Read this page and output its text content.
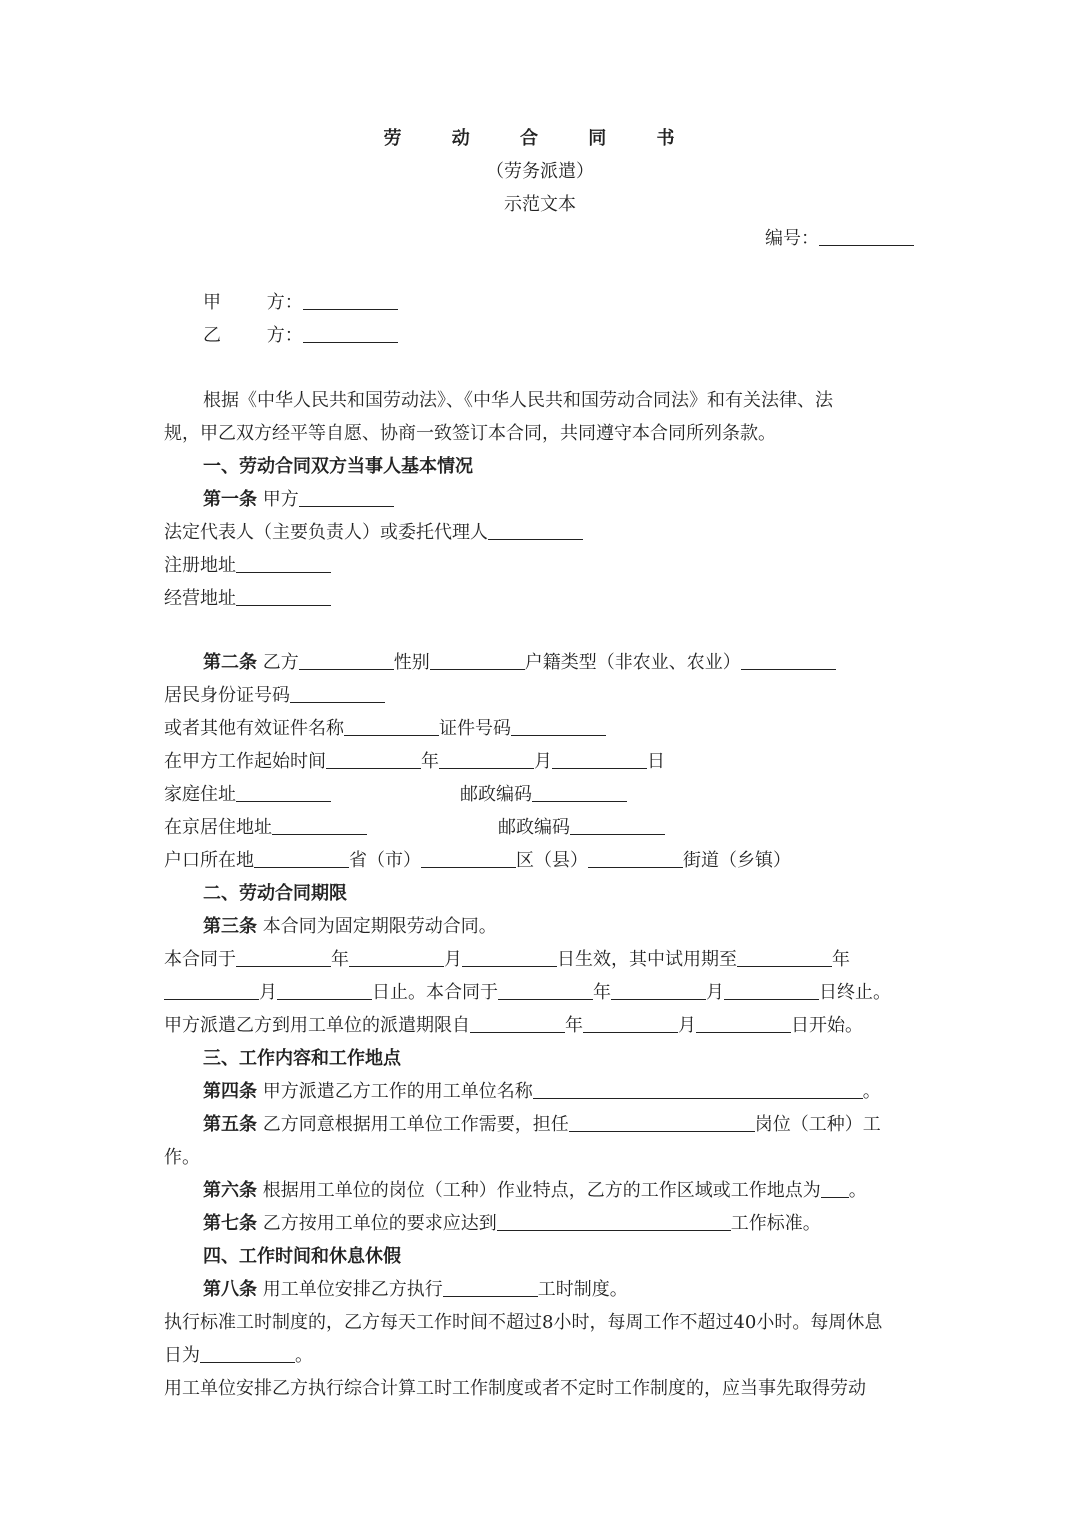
劳 动 合 同 书
（劳务派遣）
示范文本
编号：
甲        方：
乙        方：
根据《中华人民共和国劳动法》、《中华人民共和国劳动合同法》和有关法律、法
规，甲乙双方经平等自愿、协商一致签订本合同，共同遵守本合同所列条款。
一、劳动合同双方当事人基本情况
第一条 甲方
法定代表人（主要负责人）或委托代理人
注册地址
经营地址
第二条 乙方	性别	户籍类型（非农业、农业）
居民身份证号码
或者其他有效证件名称	证件号码
在甲方工作起始时间	年	月	日
家庭住址	邮政编码
在京居住地址	邮政编码
户口所在地	省（市）	区（县）	街道（乡镇）
二、劳动合同期限
第三条 本合同为固定期限劳动合同。
本合同于	年	月	日生效，其中试用期至	年
月	日止。本合同于	年	月	日终止。
甲方派遣乙方到用工单位的派遣期限自	年	月	日开始。
三、工作内容和工作地点
第四条 甲方派遣乙方工作的用工单位名称	。
第五条 乙方同意根据用工单位工作需要，担任	岗位（工种）工
作。
第六条 根据用工单位的岗位（工种）作业特点，乙方的工作区域或工作地点为 。
第七条 乙方按用工单位的要求应达到	工作标准。
四、工作时间和休息休假
第八条 用工单位安排乙方执行	工时制度。
执行标准工时制度的，乙方每天工作时间不超过8小时，每周工作不超过40小时。每周休息
日为	。
用工单位安排乙方执行综合计算工时工作制度或者不定时工作制度的，应当事先取得劳动
